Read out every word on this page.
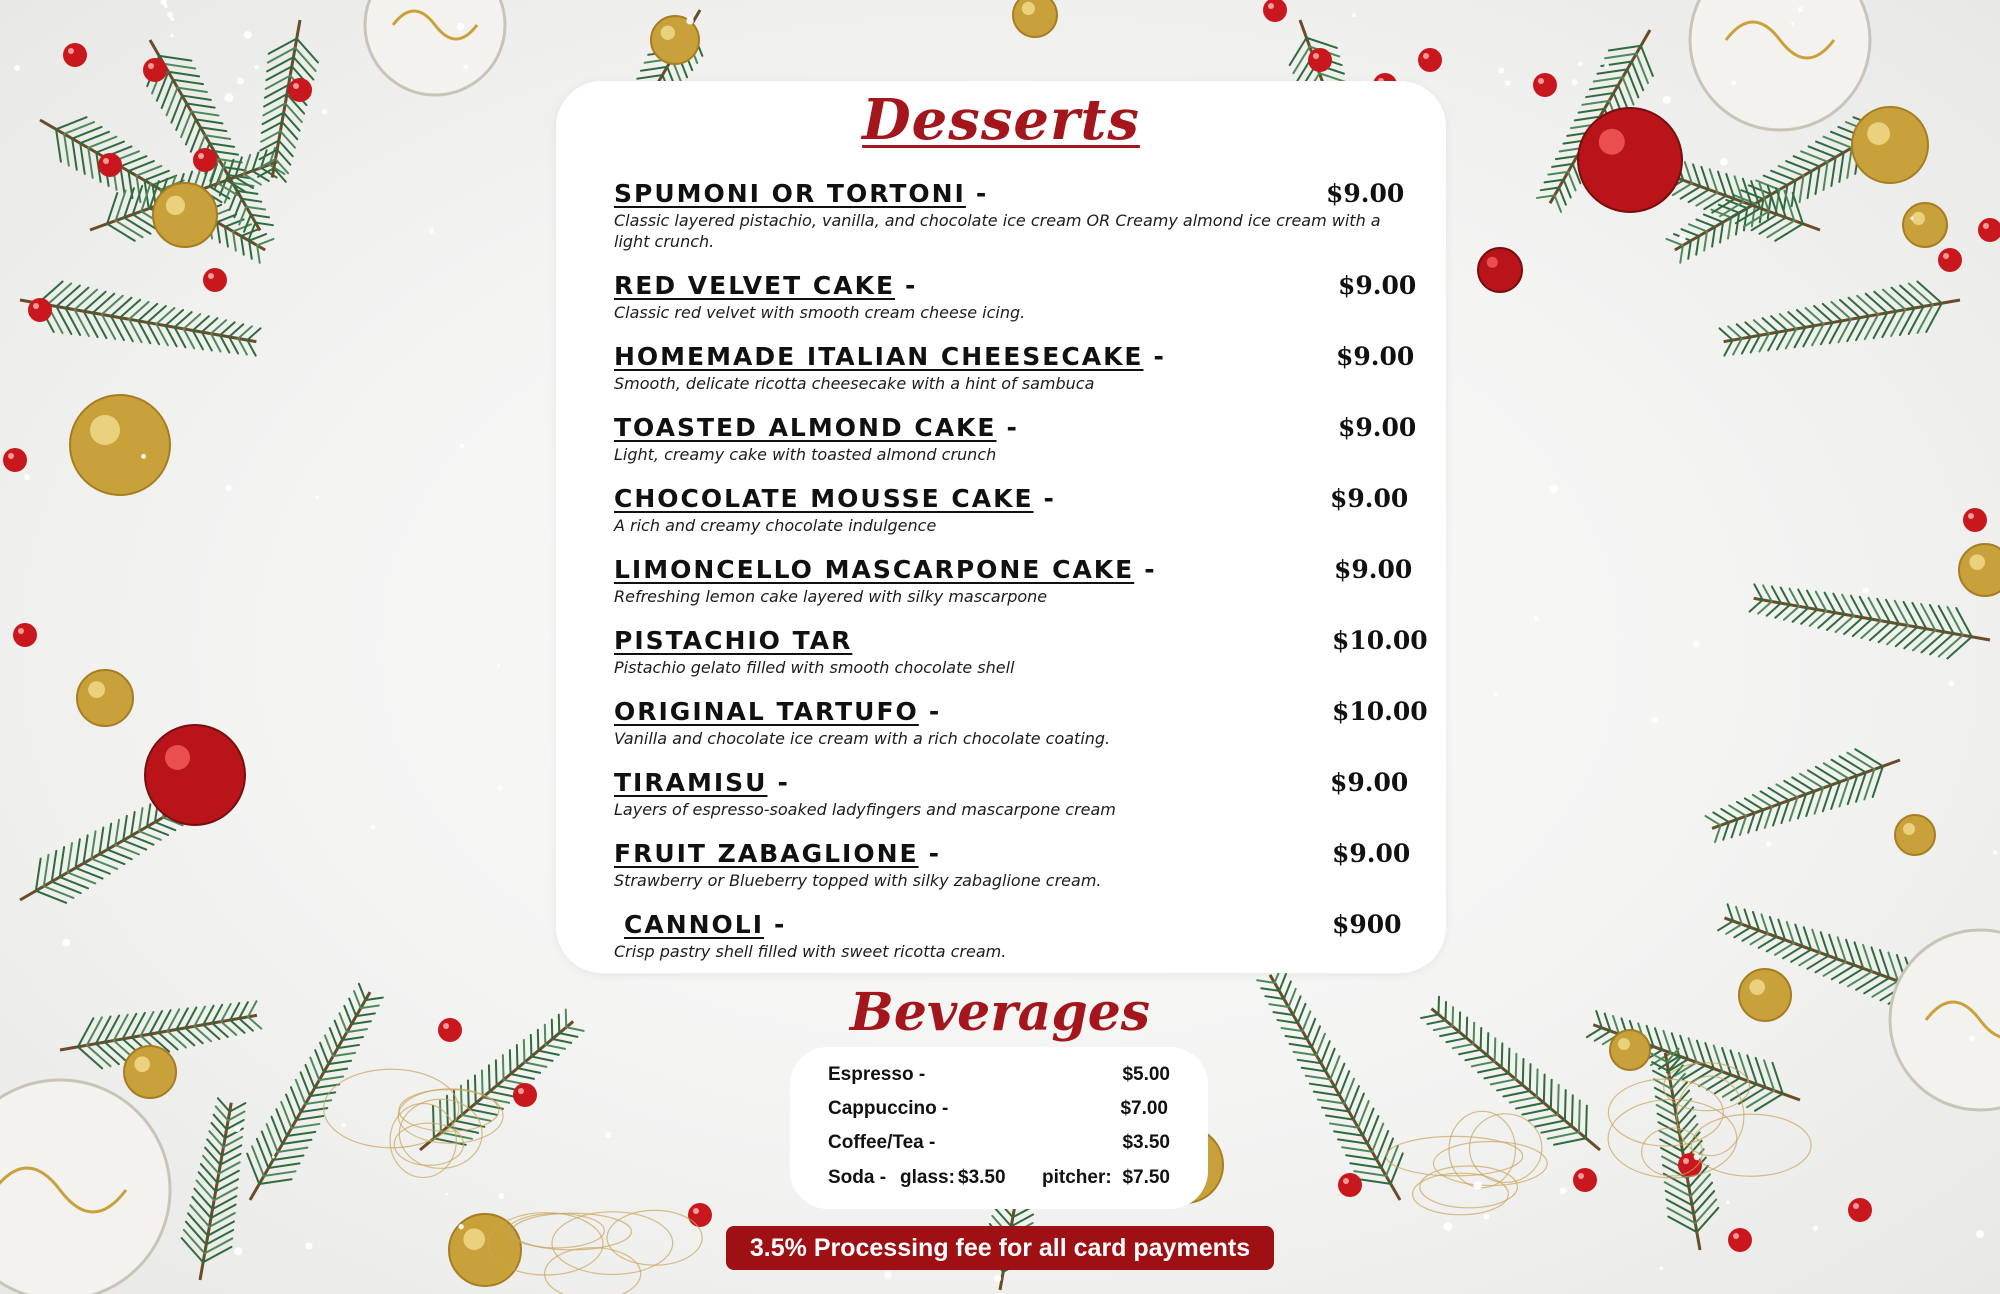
Desserts
SPUMONI OR TORTONI -	$9.00
Classic layered pistachio, vanilla, and chocolate ice cream OR Creamy almond ice cream with a light crunch.
RED VELVET CAKE -	$9.00
Classic red velvet with smooth cream cheese icing.
HOMEMADE ITALIAN CHEESECAKE -	$9.00
Smooth, delicate ricotta cheesecake with a hint of sambuca
TOASTED ALMOND CAKE -	$9.00
Light, creamy cake with toasted almond crunch
CHOCOLATE MOUSSE CAKE -	$9.00
A rich and creamy chocolate indulgence
LIMONCELLO MASCARPONE CAKE -	$9.00
Refreshing lemon cake layered with silky mascarpone
PISTACHIO TAR	$10.00
Pistachio gelato filled with smooth chocolate shell
ORIGINAL TARTUFO -	$10.00
Vanilla and chocolate ice cream with a rich chocolate coating.
TIRAMISU -	$9.00
Layers of espresso-soaked ladyfingers and mascarpone cream
FRUIT ZABAGLIONE -	$9.00
Strawberry or Blueberry topped with silky zabaglione cream.
CANNOLI -	$900
Crisp pastry shell filled with sweet ricotta cream.
Beverages
Espresso -	$5.00
Cappuccino -	$7.00
Coffee/Tea -	$3.50
Soda - glass: $3.50 pitcher: $7.50
3.5% Processing fee for all card payments
